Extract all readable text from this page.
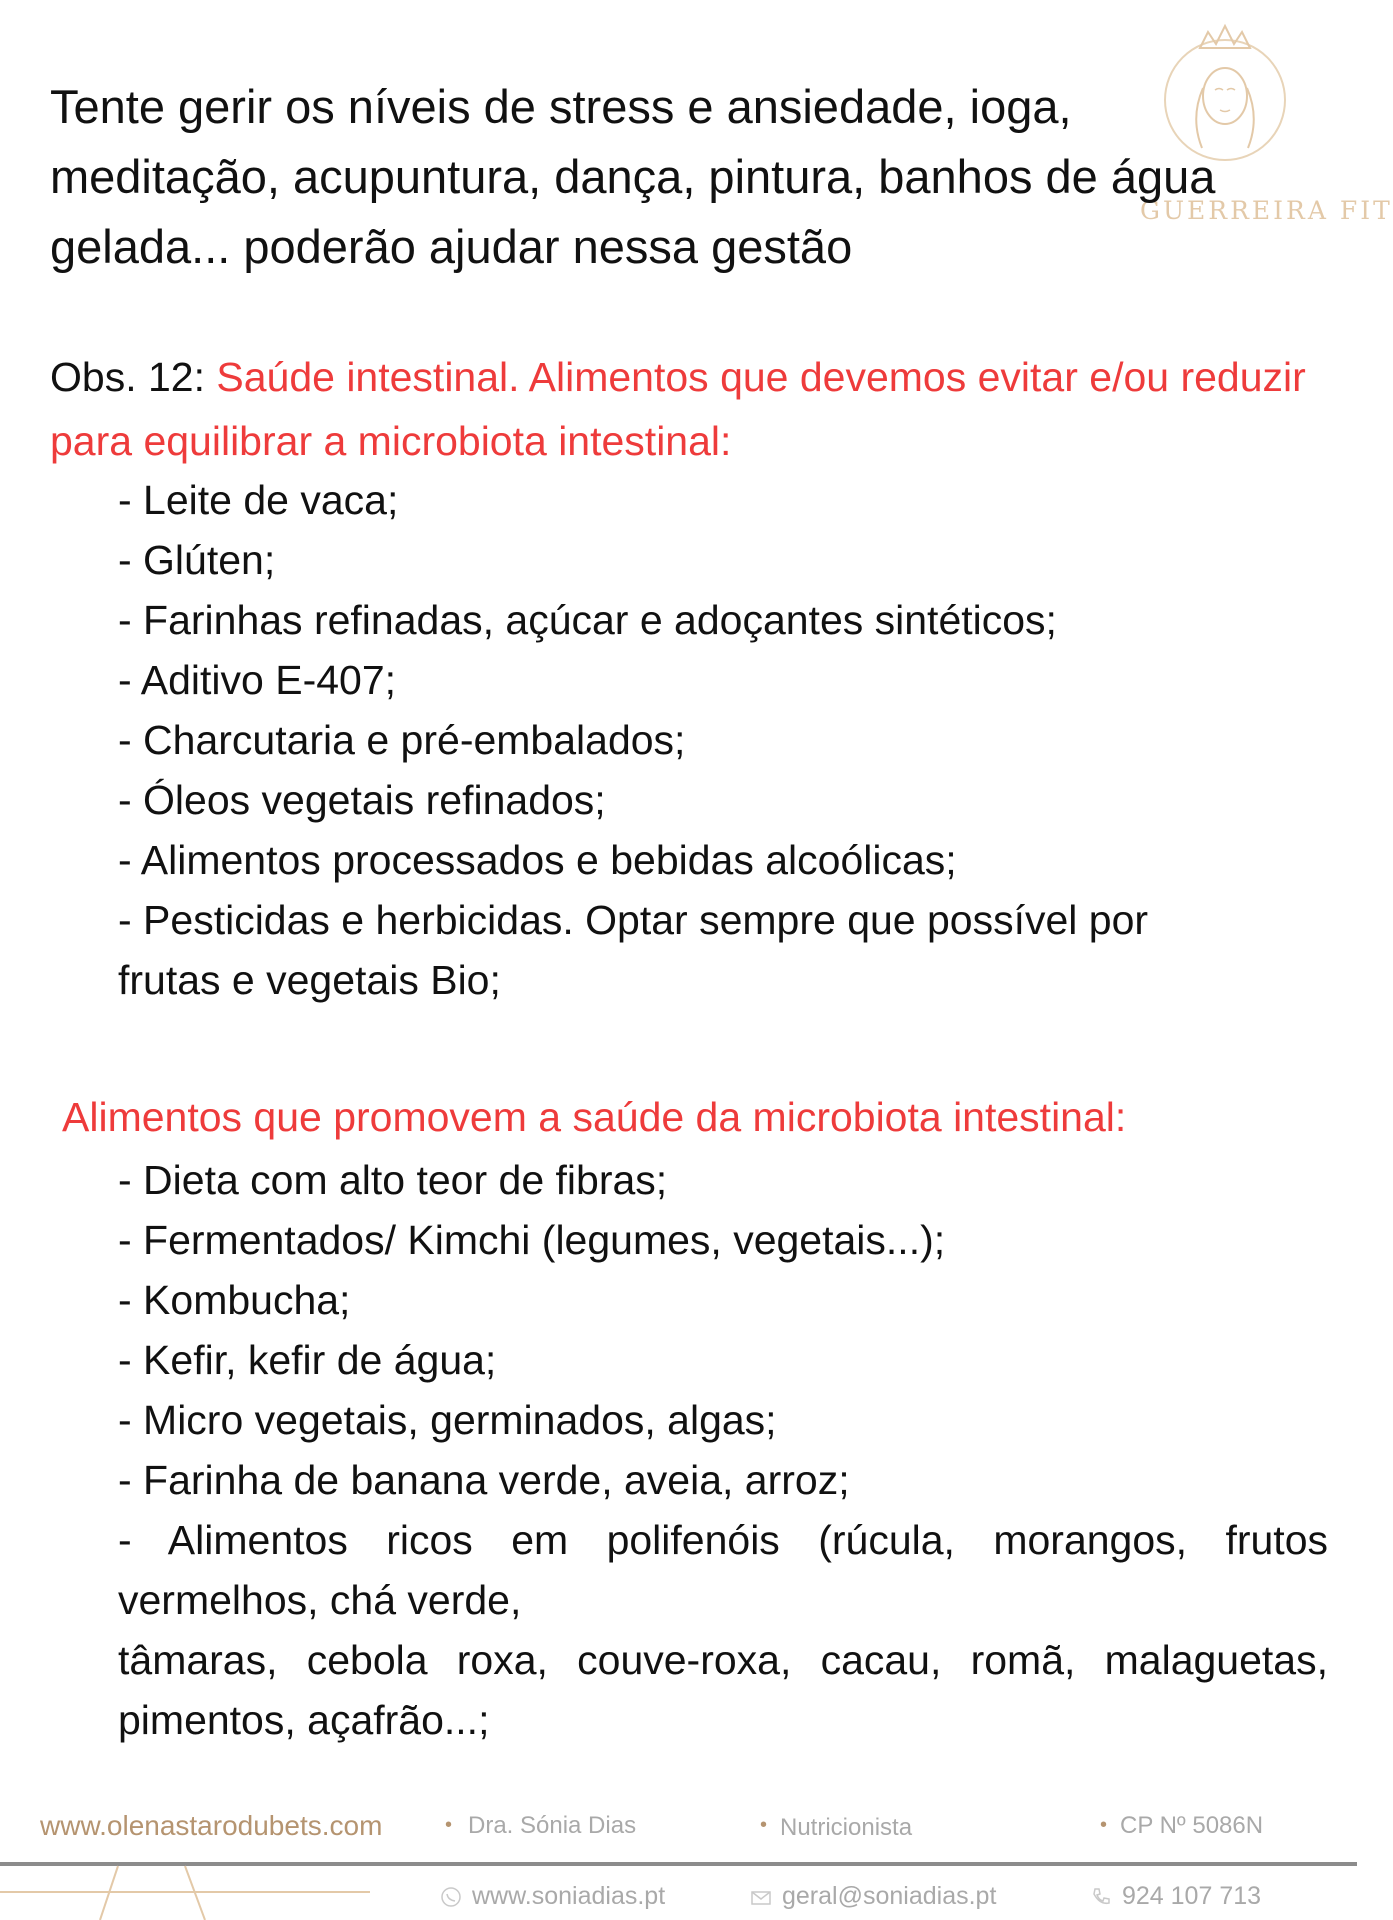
GUERREIRA FIT

Tente gerir os níveis de stress e ansiedade, ioga, meditação, acupuntura, dança, pintura, banhos de água gelada... poderão ajudar nessa gestão

Obs. 12: Saúde intestinal. Alimentos que devemos evitar e/ou reduzir para equilibrar a microbiota intestinal:

- Leite de vaca;
- Glúten;
- Farinhas refinadas, açúcar e adoçantes sintéticos;
- Aditivo E-407;
- Charcutaria e pré-embalados;
- Óleos vegetais refinados;
- Alimentos processados e bebidas alcoólicas;
- Pesticidas e herbicidas. Optar sempre que possível por frutas e vegetais Bio;
Alimentos que promovem a saúde da microbiota intestinal:
- Dieta com alto teor de fibras;
- Fermentados/ Kimchi (legumes, vegetais...);
- Kombucha;
- Kefir, kefir de água;
- Micro vegetais, germinados, algas;
- Farinha de banana verde, aveia, arroz;
- Alimentos ricos em polifenóis (rúcula, morangos, frutos vermelhos, chá verde,
tâmaras, cebola roxa, couve-roxa, cacau, romã, malaguetas, pimentos, açafrão...;
www.olenastarodubets.com	• Dra. Sónia Dias	• Nutricionista	• CP Nº 5086N
www.soniadias.pt	geral@soniadias.pt	924 107 713
